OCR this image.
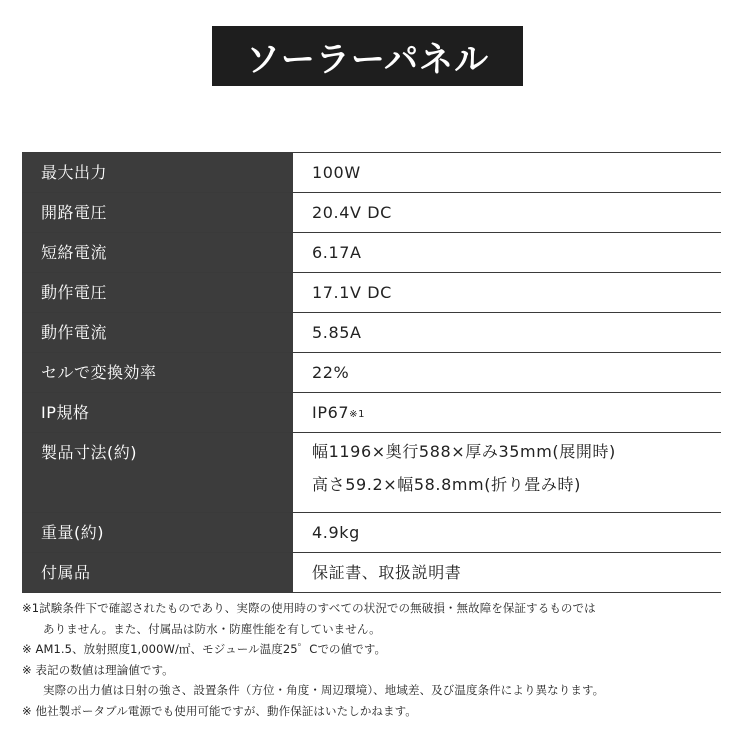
ソーラーパネル
最大出力	100W
開路電圧	20.4V DC
短絡電流	6.17A
動作電圧	17.1V DC
動作電流	5.85A
セルで変換効率	22%
IP規格	IP67※1
製品寸法(約)	幅1196×奥行588×厚み35mm(展開時)
高さ59.2×幅58.8mm(折り畳み時)
重量(約)	4.9kg
付属品	保証書、取扱説明書
※1試験条件下で確認されたものであり、実際の使用時のすべての状況での無破損・無故障を保証するものでは
ありません。また、付属品は防水・防塵性能を有していません。
※ AM1.5、放射照度1,000W/㎡、モジュール温度25゜Cでの値です。
※ 表記の数値は理論値です。
実際の出力値は日射の強さ、設置条件（方位・角度・周辺環境）、地域差、及び温度条件により異なります。
※ 他社製ポータブル電源でも使用可能ですが、動作保証はいたしかねます。
